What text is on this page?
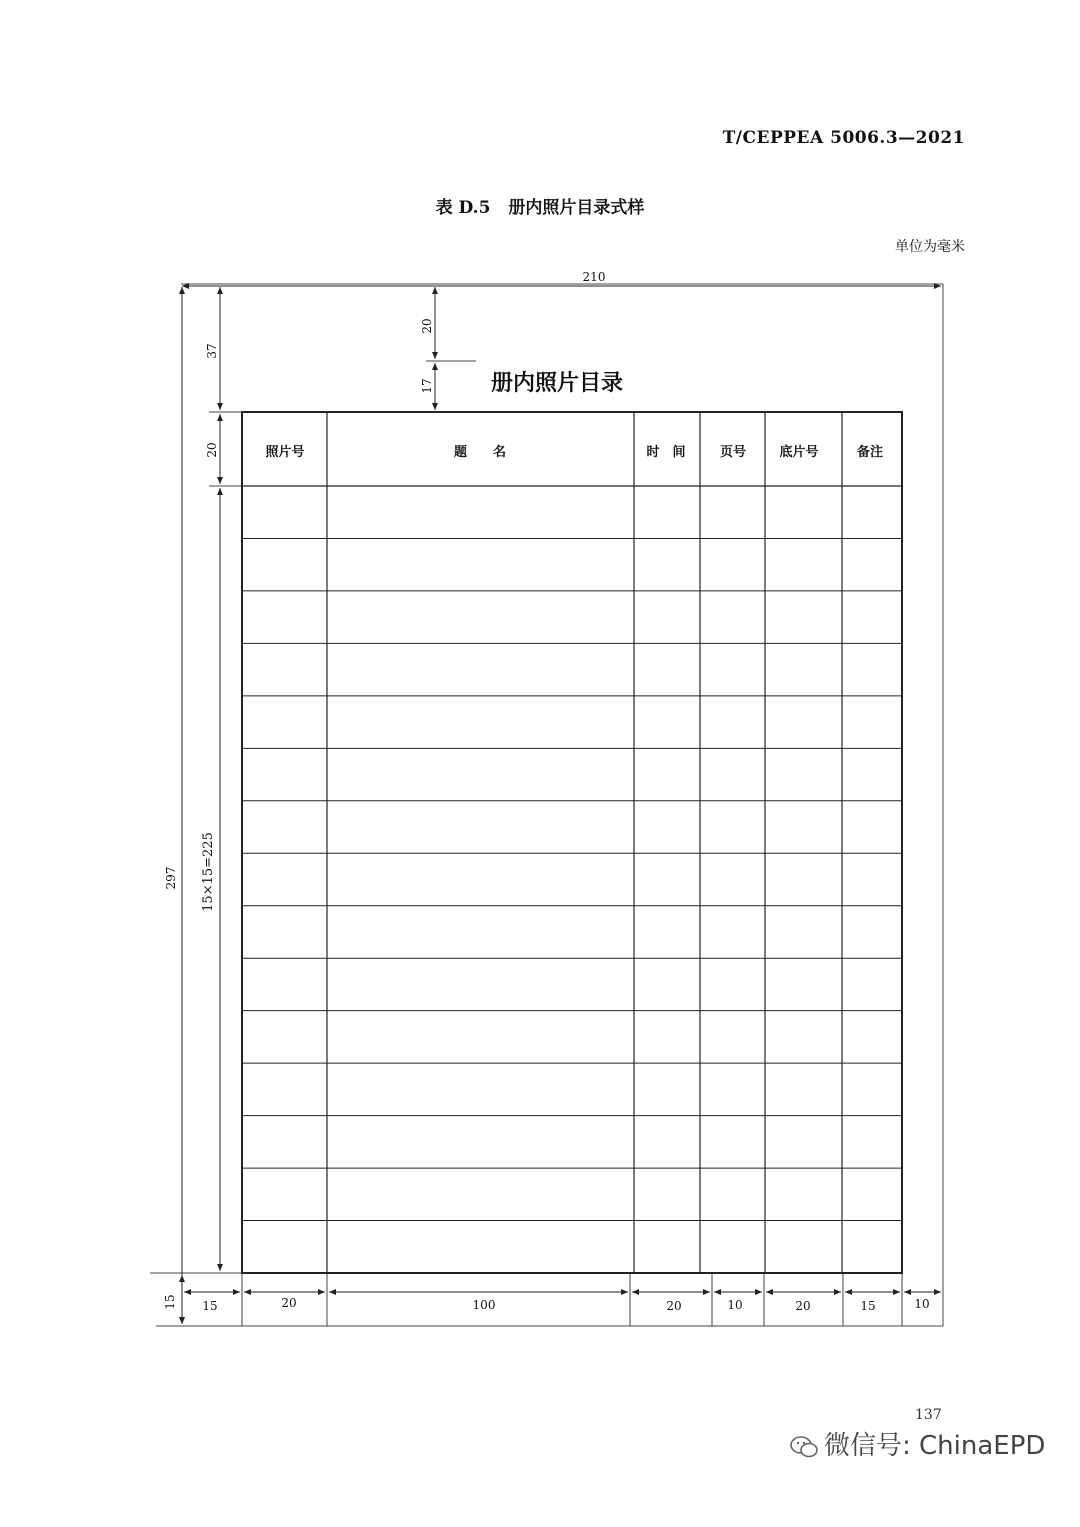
T/CEPPEA 5006.3—2021
表 D.5 册内照片目录式样
单位为毫米
210
297
37
20
15×15=225
20
17
15 15	20	100	20	10	20	15	10
册内照片目录
照片号	题　　名	时　间	页号	底片号	备注
137
微信号: ChinaEPD
